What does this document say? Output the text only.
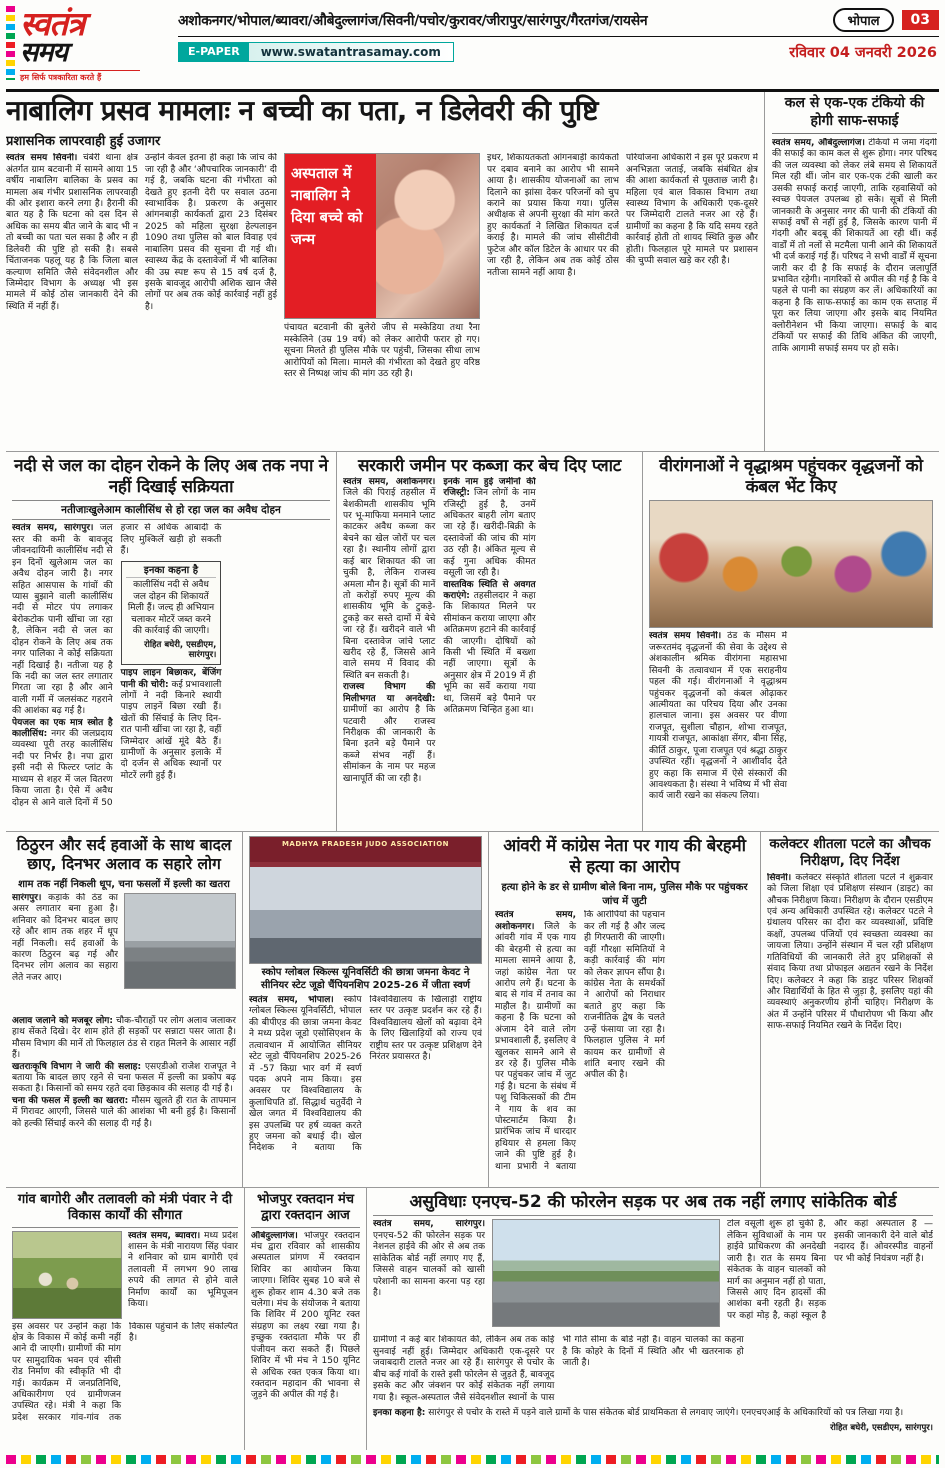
स्वतंत्र
समय
हम सिर्फ पत्रकारिता करते हैं
अशोकनगर/भोपाल/ब्यावरा/औबेदुल्लागंज/सिवनी/पचोर/कुरावर/जीरापुर/सारंगपुर/गैरतगंज/रायसेन	भोपाल	03
E-PAPER	www.swatantrasamay.com	रविवार 04 जनवरी 2026
नाबालिग प्रसव मामलाः न बच्ची का पता, न डिलेवरी की पुष्टि
प्रशासनिक लापरवाही हुई उजागर
स्वतंत्र समय सिवनी। चंबेरी थाना क्षेत्र अंतर्गत ग्राम बटवानी में सामने आया 15 वर्षीय नाबालिग बालिका के प्रसव का मामला अब गंभीर प्रशासनिक लापरवाही की ओर इशारा करने लगा है। हैरानी की बात यह है कि घटना को दस दिन से अधिक का समय बीत जाने के बाद भी न तो बच्ची का पता चल सका है और न ही डिलेवरी की पुष्टि हो सकी है। सबसे चिंताजनक पहलू यह है कि जिला बाल कल्याण समिति जैसे संवेदनशील और जिम्मेदार विभाग के अध्यक्ष भी इस मामले में कोई ठोस जानकारी देने की स्थिति में नहीं हैं।
उन्होंने केवल इतना ही कहा कि जांच की जा रही है और ‘औपचारिक जानकारी’ दी गई है, जबकि घटना की गंभीरता को देखते हुए इतनी देरी पर सवाल उठना स्वाभाविक है। प्रकरण के अनुसार आंगनबाड़ी कार्यकर्ता द्वारा 23 दिसंबर 2025 को महिला सुरक्षा हेल्पलाइन 1090 तथा पुलिस को बाल विवाह एवं नाबालिग प्रसव की सूचना दी गई थी। स्वास्थ्य केंद्र के दस्तावेजों में भी बालिका की उम्र स्पष्ट रूप से 15 वर्ष दर्ज है, इसके बावजूद आरोपी अशिक खान जैसे लोगों पर अब तक कोई कार्रवाई नहीं हुई है।
अस्पताल में नाबालिग ने दिया बच्चे को जन्म
पंचायत बटवानी की बुलेरो जीप से मस्केडिया तथा रैना मस्केलिने (उम्र 19 वर्ष) को लेकर आरोपी फरार हो गए। सूचना मिलते ही पुलिस मौके पर पहुंची, जिसका सीधा लाभ आरोपियों को मिला। मामले की गंभीरता को देखते हुए वरिष्ठ स्तर से निष्पक्ष जांच की मांग उठ रही है।
इधर, शिकायतकर्ता आंगनबाड़ी कार्यकर्ता पर दबाव बनाने का आरोप भी सामने आया है। शासकीय योजनाओं का लाभ दिलाने का झांसा देकर परिजनों को चुप कराने का प्रयास किया गया। पुलिस अधीक्षक से अपनी सुरक्षा की मांग करते हुए कार्यकर्ता ने लिखित शिकायत दर्ज कराई है। मामले की जांच सीसीटीवी फुटेज और कॉल डिटेल के आधार पर की जा रही है, लेकिन अब तक कोई ठोस नतीजा सामने नहीं आया है।
परियोजना अधिकारी ने इस पूरे प्रकरण में अनभिज्ञता जताई, जबकि संबंधित क्षेत्र की आशा कार्यकर्ता से पूछताछ जारी है। महिला एवं बाल विकास विभाग तथा स्वास्थ्य विभाग के अधिकारी एक-दूसरे पर जिम्मेदारी टालते नजर आ रहे हैं। ग्रामीणों का कहना है कि यदि समय रहते कार्रवाई होती तो शायद स्थिति कुछ और होती। फिलहाल पूरे मामले पर प्रशासन की चुप्पी सवाल खड़े कर रही है।
कल से एक-एक टंकियो की होगी साफ-सफाई
स्वतंत्र समय, औबेदुल्लागंज। टंकियों में जमा गंदगी की सफाई का काम कल से शुरू होगा। नगर परिषद की जल व्यवस्था को लेकर लंबे समय से शिकायतें मिल रही थीं। जोन वार एक-एक टंकी खाली कर उसकी सफाई कराई जाएगी, ताकि रहवासियों को स्वच्छ पेयजल उपलब्ध हो सके। सूत्रों से मिली जानकारी के अनुसार नगर की पानी की टंकियों की सफाई वर्षों से नहीं हुई है, जिसके कारण पानी में गंदगी और बदबू की शिकायतें आ रही थीं। कई वार्डों में तो नलों से मटमैला पानी आने की शिकायतें भी दर्ज कराई गई हैं। परिषद ने सभी वार्डों में सूचना जारी कर दी है कि सफाई के दौरान जलापूर्ति प्रभावित रहेगी। नागरिकों से अपील की गई है कि वे पहले से पानी का संग्रहण कर लें। अधिकारियों का कहना है कि साफ-सफाई का काम एक सप्ताह में पूरा कर लिया जाएगा और इसके बाद नियमित क्लोरीनेशन भी किया जाएगा। सफाई के बाद टंकियों पर सफाई की तिथि अंकित की जाएगी, ताकि आगामी सफाई समय पर हो सके।
नदी से जल का दोहन रोकने के लिए अब तक नपा ने नहीं दिखाई सक्रियता
नतीजाःखुलेआम कालीसिंध से हो रहा जल का अवैध दोहन

स्वतंत्र समय, सारंगपुर। जल स्तर की कमी के बावजूद जीवनदायिनी कालीसिंध नदी से इन दिनों खुलेआम जल का अवैध दोहन जारी है। नगर सहित आसपास के गांवों की प्यास बुझाने वाली कालीसिंध नदी से मोटर पंप लगाकर बेरोकटोक पानी खींचा जा रहा है, लेकिन नदी से जल का दोहन रोकने के लिए अब तक नगर पालिका ने कोई सक्रियता नहीं दिखाई है। नतीजा यह है कि नदी का जल स्तर लगातार गिरता जा रहा है और आने वाली गर्मी में जलसंकट गहराने की आशंका बढ़ गई है।

पेयजल का एक मात्र स्त्रोत है कालीसिंध: नगर की जलप्रदाय व्यवस्था पूरी तरह कालीसिंध नदी पर निर्भर है। नपा द्वारा इसी नदी से फिल्टर प्लांट के माध्यम से शहर में जल वितरण किया जाता है। ऐसे में अवैध दोहन से आने वाले दिनों में 50 हजार से अधिक आबादी के लिए मुश्किलें खड़ी हो सकती हैं।

इनका कहना है
कालीसिंध नदी से अवैध जल दोहन की शिकायतें मिली हैं। जल्द ही अभियान चलाकर मोटरें जब्त करने की कार्रवाई की जाएगी।
रोहित बघेरी, एसडीएम, सारंगपुर।

पाइप लाइन बिछाकर, बेंजिंग पानी की चोरी: कई प्रभावशाली लोगों ने नदी किनारे स्थायी पाइप लाइनें बिछा रखी हैं। खेतों की सिंचाई के लिए दिन-रात पानी खींचा जा रहा है, वहीं जिम्मेदार आंखें मूंदे बैठे हैं। ग्रामीणों के अनुसार इलाके में दो दर्जन से अधिक स्थानों पर मोटरें लगी हुई हैं।

सरकारी जमीन पर कब्जा कर बेच दिए प्लाट

स्वतंत्र समय, अशोकनगर। जिले की पिराई तहसील में बेशकीमती शासकीय भूमि पर भू-माफिया मनमाने प्लाट काटकर अवैध कब्जा कर बेचने का खेल जोरों पर चल रहा है। स्थानीय लोगों द्वारा कई बार शिकायत की जा चुकी है, लेकिन राजस्व अमला मौन है। सूत्रों की मानें तो करोड़ों रुपए मूल्य की शासकीय भूमि के टुकड़े-टुकड़े कर सस्ते दामों में बेचे जा रहे हैं। खरीदने वाले भी बिना दस्तावेज जांचे प्लाट खरीद रहे हैं, जिससे आने वाले समय में विवाद की स्थिति बन सकती है।

राजस्व विभाग की मिलीभगत या अनदेखी: ग्रामीणों का आरोप है कि पटवारी और राजस्व निरीक्षक की जानकारी के बिना इतने बड़े पैमाने पर कब्जे संभव नहीं हैं। सीमांकन के नाम पर महज खानापूर्ति की जा रही है।

इनके नाम हुई जमीनों की रजिस्ट्री: जिन लोगों के नाम रजिस्ट्री हुई है, उनमें अधिकतर बाहरी लोग बताए जा रहे हैं। खरीदी-बिक्री के दस्तावेजों की जांच की मांग उठ रही है। अंकित मूल्य से कई गुना अधिक कीमत वसूली जा रही है।

वास्तविक स्थिति से अवगत कराएंगे: तहसीलदार ने कहा कि शिकायत मिलने पर सीमांकन कराया जाएगा और अतिक्रमण हटाने की कार्रवाई की जाएगी। दोषियों को किसी भी स्थिति में बख्शा नहीं जाएगा। सूत्रों के अनुसार क्षेत्र में 2019 में ही भूमि का सर्वे कराया गया था, जिसमें बड़े पैमाने पर अतिक्रमण चिन्हित हुआ था।

वीरांगनाओं ने वृद्धाश्रम पहुंचकर वृद्धजनों को कंबल भेंट किए

स्वतंत्र समय सिवनी। ठंड के मौसम में जरूरतमंद वृद्धजनों की सेवा के उद्देश्य से अंशकालीन श्रमिक वीरांगना महासभा सिवनी के तत्वावधान में एक सराहनीय पहल की गई। वीरांगनाओं ने वृद्धाश्रम पहुंचकर वृद्धजनों को कंबल ओढ़ाकर आत्मीयता का परिचय दिया और उनका हालचाल जाना। इस अवसर पर वीणा राजपूत, सुशीला चौहान, शोभा राजपूत, गायत्री राजपूत, आकांक्षा सेंगर, बीना सिंह, कीर्ति ठाकुर, पूजा राजपूत एवं श्रद्धा ठाकुर उपस्थित रहीं। वृद्धजनों ने आशीर्वाद देते हुए कहा कि समाज में ऐसे संस्कारों की आवश्यकता है। संस्था ने भविष्य में भी सेवा कार्य जारी रखने का संकल्प लिया।

ठिठुरन और सर्द हवाओं के साथ बादल छाए, दिनभर अलाव क सहारे लोग
शाम तक नहीं निकली धूप, चना फसलों में इल्ली का खतरा
सारंगपुर। कड़ाके की ठंड का असर लगातार बना हुआ है। शनिवार को दिनभर बादल छाए रहे और शाम तक शहर में धूप नहीं निकली। सर्द हवाओं के कारण ठिठुरन बढ़ गई और दिनभर लोग अलाव का सहारा लेते नजर आए।

अलाव जलाने को मजबूर लोग: चौक-चौराहों पर लोग अलाव जलाकर हाथ सेंकते दिखे। देर शाम होते ही सड़कों पर सन्नाटा पसर जाता है। मौसम विभाग की मानें तो फिलहाल ठंड से राहत मिलने के आसार नहीं हैं।

खतराःकृषि विभाग ने जारी की सलाह: एसएडीओ राजेश राजपूत ने बताया कि बादल छाए रहने से चना फसल में इल्ली का प्रकोप बढ़ सकता है। किसानों को समय रहते दवा छिड़काव की सलाह दी गई है।

चना की फसल में इल्ली का खतरा: मौसम खुलते ही रात के तापमान में गिरावट आएगी, जिससे पाले की आशंका भी बनी हुई है। किसानों को हल्की सिंचाई करने की सलाह दी गई है।

MADHYA PRADESH JUDO ASSOCIATION
स्कोप ग्लोबल स्किल्स यूनिवर्सिटी की छात्रा जमना केवट ने सीनियर स्टेट जूडो चैंपियनशिप 2025-26 में जीता स्वर्ण

स्वतंत्र समय, भोपाल। स्कोप ग्लोबल स्किल्स यूनिवर्सिटी, भोपाल की बीपीएड की छात्रा जमना केवट ने मध्य प्रदेश जूडो एसोसिएशन के तत्वावधान में आयोजित सीनियर स्टेट जूडो चैंपियनशिप 2025-26 में -57 किग्रा भार वर्ग में स्वर्ण पदक अपने नाम किया। इस अवसर पर विश्वविद्यालय के कुलाधिपति डॉ. सिद्धार्थ चतुर्वेदी ने खेल जगत में विश्वविद्यालय की इस उपलब्धि पर हर्ष व्यक्त करते हुए जमना को बधाई दी। खेल निदेशक ने बताया कि विश्वविद्यालय के खिलाड़ी राष्ट्रीय स्तर पर उत्कृष्ट प्रदर्शन कर रहे हैं। विश्वविद्यालय खेलों को बढ़ावा देने के लिए खिलाड़ियों को राज्य एवं राष्ट्रीय स्तर पर उत्कृष्ट प्रशिक्षण देने निरंतर प्रयासरत है।

आंवरी में कांग्रेस नेता पर गाय की बेरहमी से हत्या का आरोप
हत्या होने के डर से ग्रामीण बोले बिना नाम, पुलिस मौके पर पहुंचकर जांच में जुटी

स्वतंत्र समय, अशोकनगर। जिले के आंवरी गांव में एक गाय की बेरहमी से हत्या का मामला सामने आया है, जहां कांग्रेस नेता पर आरोप लगे हैं। घटना के बाद से गांव में तनाव का माहौल है। ग्रामीणों का कहना है कि घटना को अंजाम देने वाले लोग प्रभावशाली हैं, इसलिए वे खुलकर सामने आने से डर रहे हैं। पुलिस मौके पर पहुंचकर जांच में जुट गई है। घटना के संबंध में पशु चिकित्सकों की टीम ने गाय के शव का पोस्टमार्टम किया है। प्रारंभिक जांच में धारदार हथियार से हमला किए जाने की पुष्टि हुई है। थाना प्रभारी ने बताया कि आरोपियों की पहचान कर ली गई है और जल्द ही गिरफ्तारी की जाएगी। वहीं गौरक्षा समितियों ने कड़ी कार्रवाई की मांग को लेकर ज्ञापन सौंपा है। कांग्रेस नेता के समर्थकों ने आरोपों को निराधार बताते हुए कहा कि राजनीतिक द्वेष के चलते उन्हें फंसाया जा रहा है। फिलहाल पुलिस ने मर्ग कायम कर ग्रामीणों से शांति बनाए रखने की अपील की है।

कलेक्टर शीतला पटले का औचक निरीक्षण, दिए निर्देश
सिवनी। कलेक्टर संस्कृति शीतला पटले ने शुक्रवार को जिला शिक्षा एवं प्रशिक्षण संस्थान (डाइट) का औचक निरीक्षण किया। निरीक्षण के दौरान एसडीएम एवं अन्य अधिकारी उपस्थित रहे। कलेक्टर पटले ने ग्रंथालय परिसर का दौरा कर व्यवस्थाओं, प्रविष्टि कक्षों, उपलब्ध पंजियों एवं स्वच्छता व्यवस्था का जायजा लिया। उन्होंने संस्थान में चल रही प्रशिक्षण गतिविधियों की जानकारी लेते हुए प्रशिक्षकों से संवाद किया तथा प्रोफाइल अद्यतन रखने के निर्देश दिए। कलेक्टर ने कहा कि डाइट परिसर शिक्षकों और विद्यार्थियों के हित से जुड़ा है, इसलिए यहां की व्यवस्थाएं अनुकरणीय होनी चाहिए। निरीक्षण के अंत में उन्होंने परिसर में पौधारोपण भी किया और साफ-सफाई नियमित रखने के निर्देश दिए।
गांव बागोरी और तलावली को मंत्री पंवार ने दी विकास कार्यों की सौगात
स्वतंत्र समय, ब्यावरा। मध्य प्रदेश शासन के मंत्री नारायण सिंह पंवार ने शनिवार को ग्राम बागोरी एवं तलावली में लगभग 90 लाख रुपये की लागत से होने वाले निर्माण कार्यों का भूमिपूजन किया।
इस अवसर पर उन्होंने कहा कि क्षेत्र के विकास में कोई कमी नहीं आने दी जाएगी। ग्रामीणों की मांग पर सामुदायिक भवन एवं सीसी रोड निर्माण की स्वीकृति भी दी गई। कार्यक्रम में जनप्रतिनिधि, अधिकारीगण एवं ग्रामीणजन उपस्थित रहे। मंत्री ने कहा कि प्रदेश सरकार गांव-गांव तक विकास पहुंचाने के लिए संकल्पित है।
भोजपुर रक्तदान मंच द्वारा रक्तदान आज
औबेदुल्लागंज। भोजपुर रक्तदान मंच द्वारा रविवार को शासकीय अस्पताल प्रांगण में रक्तदान शिविर का आयोजन किया जाएगा। शिविर सुबह 10 बजे से शुरू होकर शाम 4.30 बजे तक चलेगा। मंच के संयोजक ने बताया कि शिविर में 200 यूनिट रक्त संग्रहण का लक्ष्य रखा गया है। इच्छुक रक्तदाता मौके पर ही पंजीयन करा सकते हैं। पिछले शिविर में भी मंच ने 150 यूनिट से अधिक रक्त एकत्र किया था। रक्तदान महादान की भावना से जुड़ने की अपील की गई है।
असुविधाः एनएच-52 की फोरलेन सड़क पर अब तक नहीं लगाए सांकेतिक बोर्ड
स्वतंत्र समय, सारंगपुर। एनएच-52 की फोरलेन सड़क पर नेशनल हाईवे की ओर से अब तक सांकेतिक बोर्ड नहीं लगाए गए हैं, जिससे वाहन चालकों को खासी परेशानी का सामना करना पड़ रहा है।
टोल वसूली शुरू हो चुकी है, लेकिन सुविधाओं के नाम पर हाईवे प्राधिकरण की अनदेखी जारी है। रात के समय बिना संकेतक के वाहन चालकों को मार्ग का अनुमान नहीं हो पाता, जिससे आए दिन हादसों की आशंका बनी रहती है। सड़क पर कहां मोड़ है, कहां स्कूल है और कहां अस्पताल है — इसकी जानकारी देने वाले बोर्ड नदारद हैं। ओवरस्पीड वाहनों पर भी कोई नियंत्रण नहीं है।
ग्रामीणों ने कई बार शिकायत की, लेकिन अब तक कोई सुनवाई नहीं हुई। जिम्मेदार अधिकारी एक-दूसरे पर जवाबदारी टालते नजर आ रहे हैं। सारंगपुर से पचोर के बीच कई गांवों के रास्ते इसी फोरलेन से जुड़ते हैं, बावजूद इसके कट और जंक्शन पर कोई संकेतक नहीं लगाया गया है। स्कूल-अस्पताल जैसे संवेदनशील स्थानों के पास भी गति सीमा के बोर्ड नहीं हैं। वाहन चालकों का कहना है कि कोहरे के दिनों में स्थिति और भी खतरनाक हो जाती है।
इनका कहना है: सारंगपुर से पचोर के रास्ते में पड़ने वाले ग्रामों के पास संकेतक बोर्ड प्राथमिकता से लगवाए जाएंगे। एनएचएआई के अधिकारियों को पत्र लिखा गया है।
रोहित बघेरी, एसडीएम, सारंगपुर।
